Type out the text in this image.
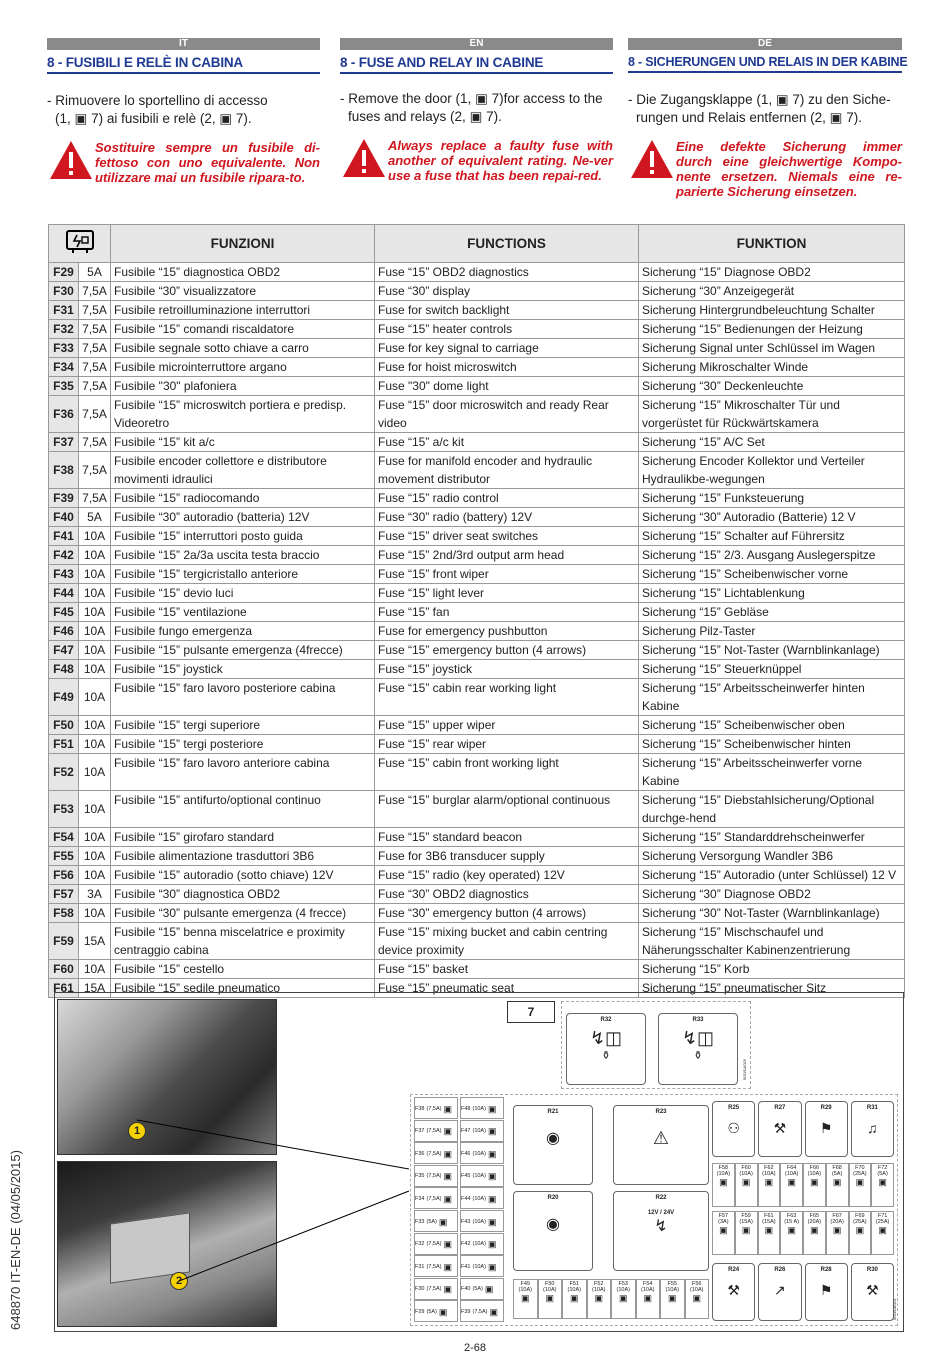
IT
8 - FUSIBILI E RELÈ IN CABINA
- Rimuovere lo sportellino di accesso

(1, ▣ 7) ai fusibili e relè (2, ▣ 7).
Sostituire sempre un fusibile di-fettoso con uno equivalente. Non utilizzare mai un fusibile ripara-to.
EN
8 - FUSE AND RELAY IN CABINE
- Remove the door (1, ▣ 7)for access to the

fuses and relays (2, ▣ 7).
Always replace a faulty fuse with another of equivalent rating. Ne-ver use a fuse that has been repai-red.
DE
8 - SICHERUNGEN UND RELAIS IN DER KABINE
- Die Zugangsklappe (1, ▣ 7) zu den Siche-

rungen und Relais entfernen (2, ▣ 7).
Eine defekte Sicherung immer durch eine gleichwertige Kompo-nente ersetzen. Niemals eine re-parierte Sicherung einsetzen.
	FUNZIONI	FUNCTIONS	FUNKTION
F29	5A	Fusibile “15” diagnostica OBD2	Fuse “15” OBD2 diagnostics	Sicherung “15” Diagnose OBD2
F30	7,5A	Fusibile “30” visualizzatore	Fuse “30” display	Sicherung “30” Anzeigegerät
F31	7,5A	Fusibile retroilluminazione interruttori	Fuse for switch backlight	Sicherung Hintergrundbeleuchtung Schalter
F32	7,5A	Fusibile “15” comandi riscaldatore	Fuse “15” heater controls	Sicherung “15” Bedienungen der Heizung
F33	7,5A	Fusibile segnale sotto chiave a carro	Fuse for key signal to carriage	Sicherung Signal unter Schlüssel im Wagen
F34	7,5A	Fusibile microinterruttore argano	Fuse for hoist microswitch	Sicherung Mikroschalter Winde
F35	7,5A	Fusibile "30" plafoniera	Fuse "30" dome light	Sicherung “30” Deckenleuchte
F36	7,5A	Fusibile “15” microswitch portiera e predisp. Videoretro	Fuse “15” door microswitch and ready Rear video	Sicherung “15” Mikroschalter Tür und vorgerüstet für Rückwärtskamera
F37	7,5A	Fusibile “15” kit a/c	Fuse “15” a/c kit	Sicherung “15” A/C Set
F38	7,5A	Fusibile encoder collettore e distributore movimenti idraulici	Fuse for manifold encoder and hydraulic movement distributor	Sicherung Encoder Kollektor und Verteiler Hydraulikbe-wegungen
F39	7,5A	Fusibile “15” radiocomando	Fuse “15” radio control	Sicherung “15” Funksteuerung
F40	5A	Fusibile “30” autoradio (batteria) 12V	Fuse “30” radio (battery) 12V	Sicherung “30” Autoradio (Batterie) 12 V
F41	10A	Fusibile “15” interruttori posto guida	Fuse “15” driver seat switches	Sicherung “15” Schalter auf Führersitz
F42	10A	Fusibile “15” 2a/3a uscita testa braccio	Fuse “15” 2nd/3rd output arm head	Sicherung “15” 2/3. Ausgang Auslegerspitze
F43	10A	Fusibile “15” tergicristallo anteriore	Fuse “15” front wiper	Sicherung “15” Scheibenwischer vorne
F44	10A	Fusibile “15” devio luci	Fuse “15” light lever	Sicherung “15” Lichtablenkung
F45	10A	Fusibile “15” ventilazione	Fuse “15” fan	Sicherung “15” Gebläse
F46	10A	Fusibile fungo emergenza	Fuse for emergency pushbutton	Sicherung Pilz-Taster
F47	10A	Fusibile “15” pulsante emergenza (4frecce)	Fuse “15” emergency button (4 arrows)	Sicherung “15” Not-Taster (Warnblinkanlage)
F48	10A	Fusibile “15” joystick	Fuse “15” joystick	Sicherung “15” Steuerknüppel
F49	10A	Fusibile “15” faro lavoro posteriore cabina	Fuse “15” cabin rear working light	Sicherung “15” Arbeitsscheinwerfer hinten Kabine
F50	10A	Fusibile “15” tergi superiore	Fuse “15” upper wiper	Sicherung “15” Scheibenwischer oben
F51	10A	Fusibile “15” tergi posteriore	Fuse “15” rear wiper	Sicherung “15” Scheibenwischer hinten
F52	10A	Fusibile “15” faro lavoro anteriore cabina	Fuse “15” cabin front working light	Sicherung “15” Arbeitsscheinwerfer vorne Kabine
F53	10A	Fusibile “15” antifurto/optional continuo	Fuse “15” burglar alarm/optional continuous	Sicherung “15” Diebstahlsicherung/Optional durchge-hend
F54	10A	Fusibile “15” girofaro standard	Fuse “15” standard beacon	Sicherung “15” Standarddrehscheinwerfer
F55	10A	Fusibile alimentazione trasduttori 3B6	Fuse for 3B6 transducer supply	Sicherung Versorgung Wandler 3B6
F56	10A	Fusibile “15” autoradio (sotto chiave) 12V	Fuse “15” radio (key operated) 12V	Sicherung “15” Autoradio (unter Schlüssel) 12 V
F57	3A	Fusibile “30” diagnostica OBD2	Fuse “30” OBD2 diagnostics	Sicherung “30” Diagnose OBD2
F58	10A	Fusibile “30” pulsante emergenza (4 frecce)	Fuse “30” emergency button (4 arrows)	Sicherung “30” Not-Taster (Warnblinkanlage)
F59	15A	Fusibile “15” benna miscelatrice e proximity centraggio cabina	Fuse “15” mixing bucket and cabin centring device proximity	Sicherung “15” Mischschaufel und Näherungsschalter Kabinenzentrierung
F60	10A	Fusibile “15” cestello	Fuse “15” basket	Sicherung “15” Korb
F61	15A	Fusibile “15” sedile pneumatico	Fuse “15” pneumatic seat	Sicherung “15” pneumatischer Sitz
1
2
7
R32
↯◫
⚱
R33
↯◫
⚱
5/20/14/025
F38 (7,5A) ▣ F48 (10A) ▣
F37 (7,5A) ▣ F47 (10A) ▣
F36 (7,5A) ▣ F46 (10A) ▣
F35 (7,5A) ▣ F45 (10A) ▣
F34 (7,5A) ▣ F44 (10A) ▣
F33 (5A) ▣ F43 (10A) ▣
F32 (7,5A) ▣ F42 (10A) ▣
F31 (7,5A) ▣ F41 (10A) ▣
F30 (7,5A) ▣ F40 (5A) ▣
F29 (5A) ▣ F39 (7,5A) ▣
R21
◉
R23
⚠
R20
◉
R22
12V / 24V
↯
F49
(10A)
▣
F50
(10A)
▣
F51
(10A)
▣
F52
(10A)
▣
F53
(10A)
▣
F54
(10A)
▣
F55
(10A)
▣
F56
(10A)
▣
R25
⚇
R27
⚒
R29
⚑
R31
♫
F58
(10A)
▣
F60
(10A)
▣
F62
(10A)
▣
F64
(10A)
▣
F66
(10A)
▣
F68
(5A)
▣
F70
(25A)
▣
F72
(5A)
▣
F57
(3A)
▣
F59
(15A)
▣
F61
(15A)
▣
F63
(15 A)
▣
F65
(20A)
▣
F67
(20A)
▣
F69
(25A)
▣
F71
(25A)
▣
R24
⚒
R26
↗
R28
⚑
R30
⚒
5/20/14/024
648870 IT-EN-DE (04/05/2015)
2-68
